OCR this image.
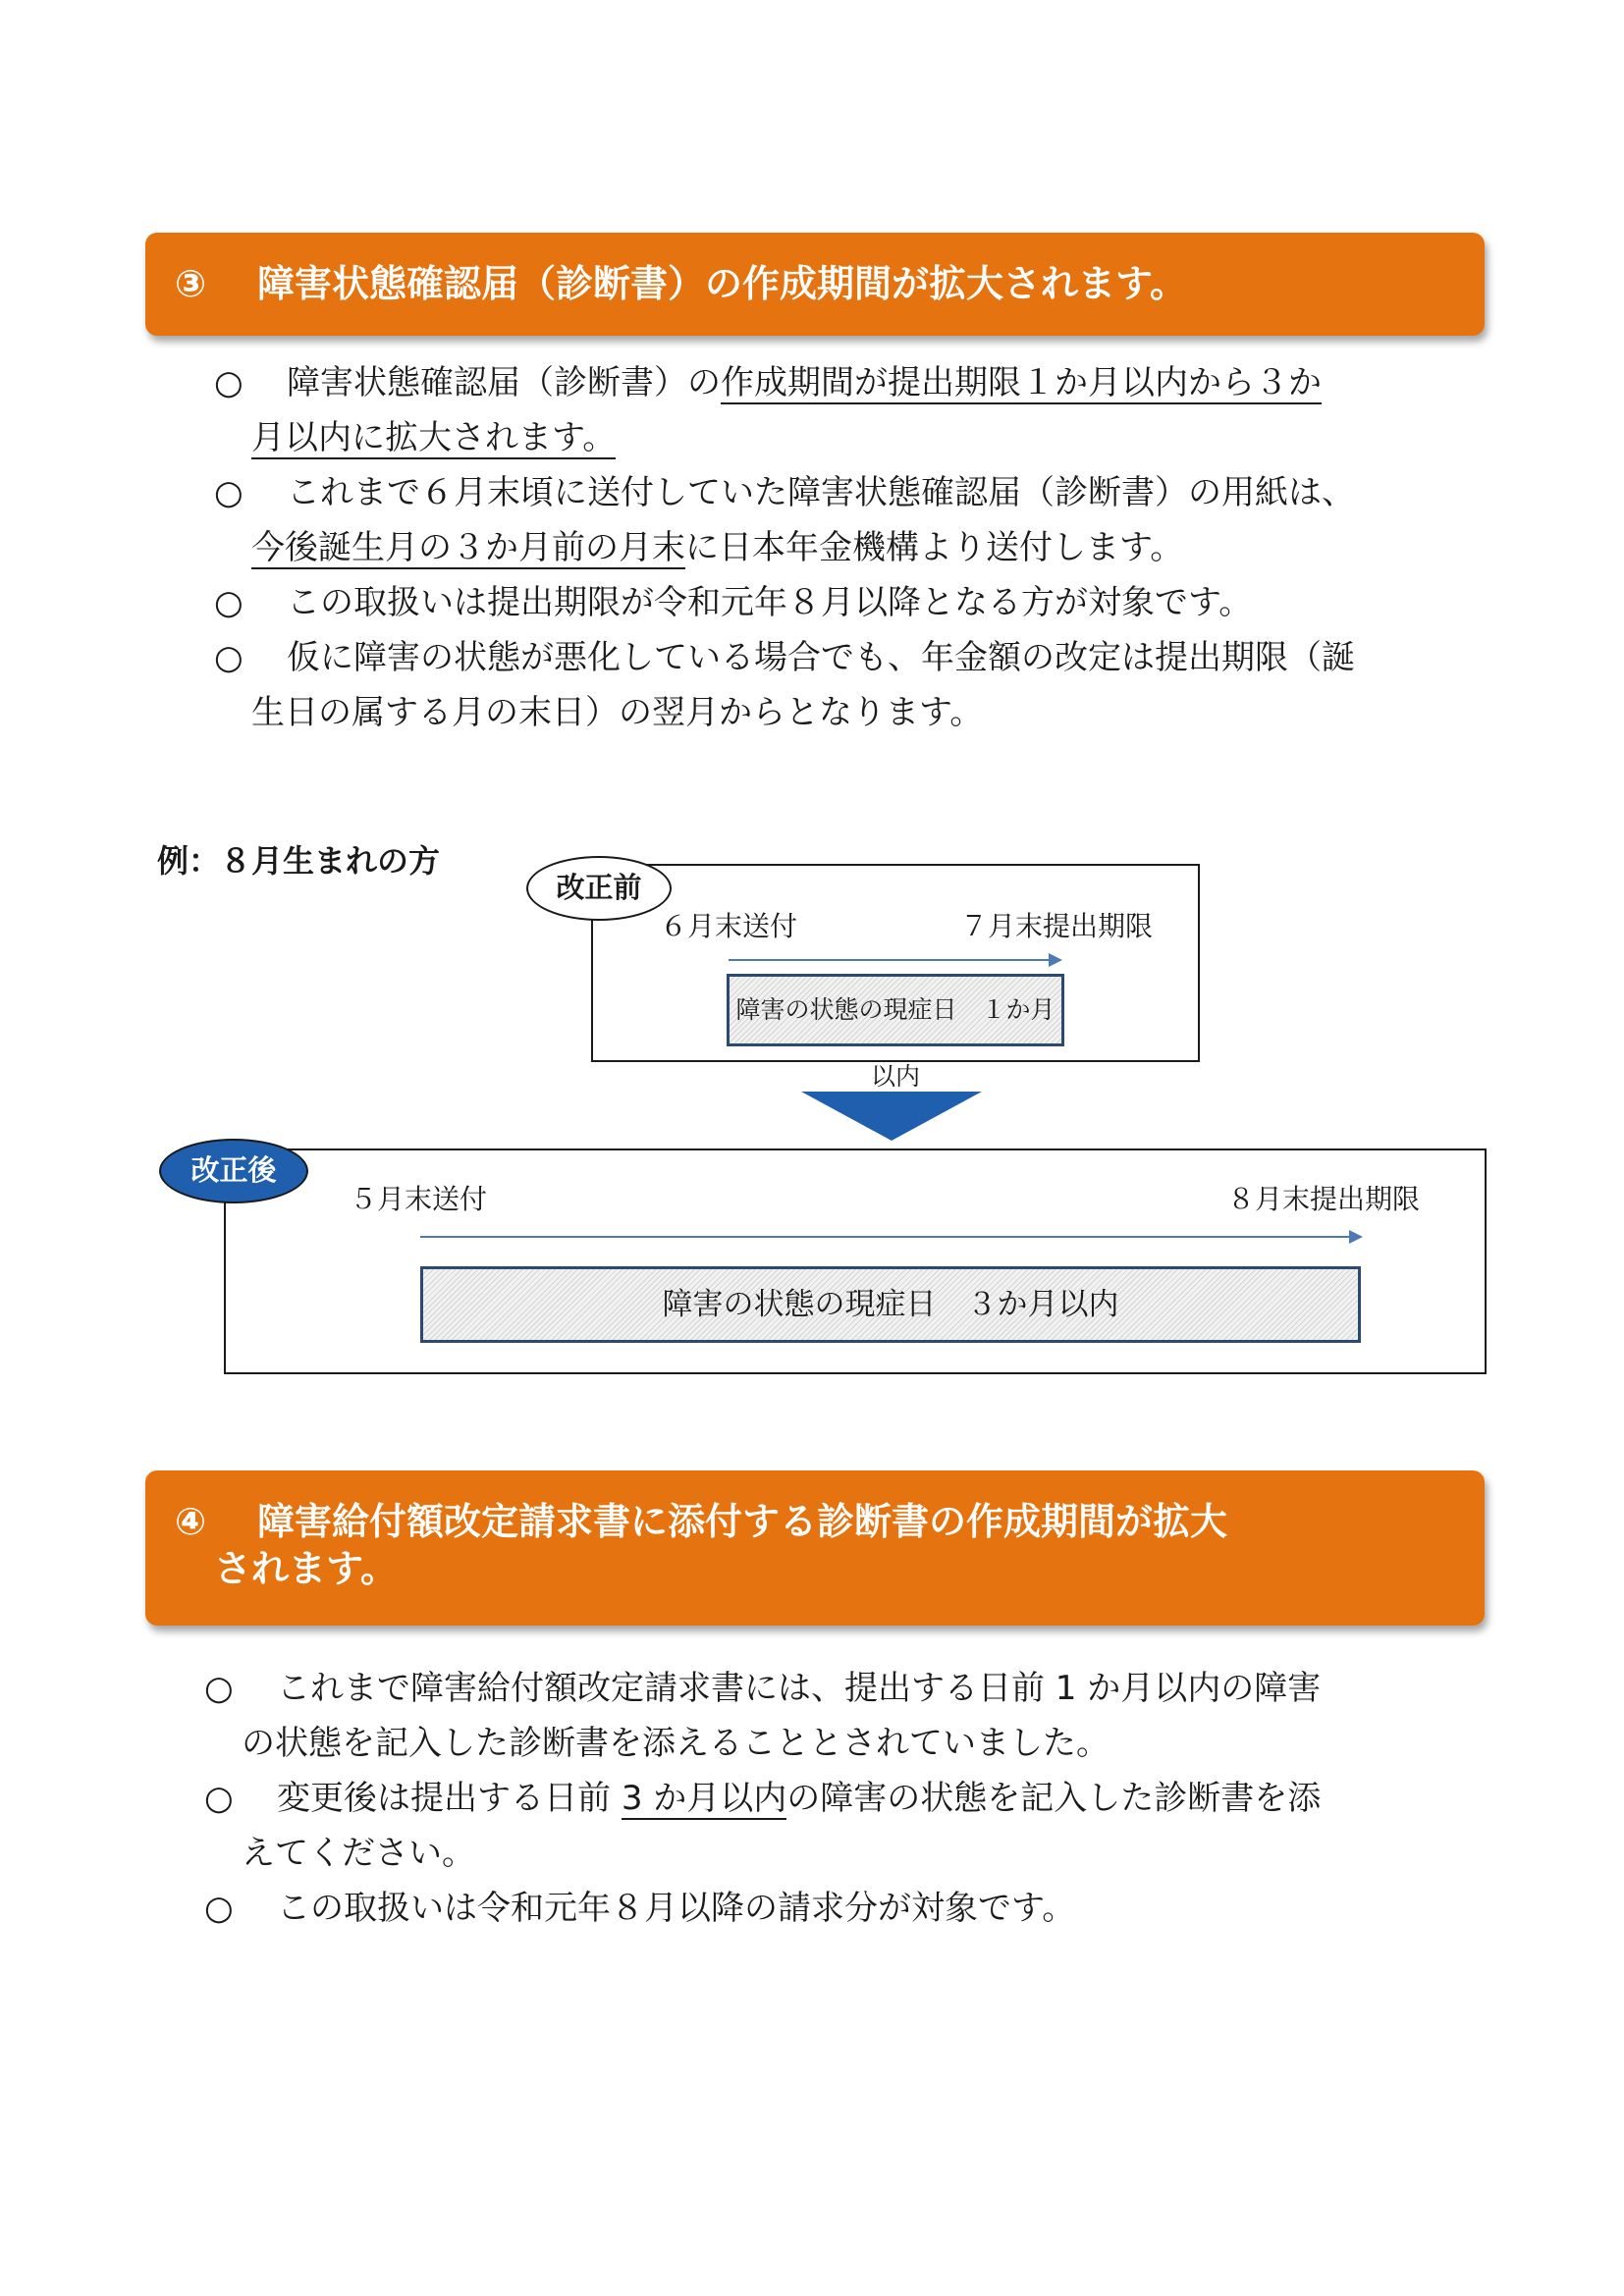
③ 障害状態確認届（診断書）の作成期間が拡大されます。
○ 障害状態確認届（診断書）の作成期間が提出期限１か月以内から３か
月以内に拡大されます。
○ これまで６月末頃に送付していた障害状態確認届（診断書）の用紙は、
今後誕生月の３か月前の月末に日本年金機構より送付します。
○ この取扱いは提出期限が令和元年８月以降となる方が対象です。
○ 仮に障害の状態が悪化している場合でも、年金額の改定は提出期限（誕
生日の属する月の末日）の翌月からとなります。
例：８月生まれの方
改正前
６月末送付	７月末提出期限
障害の状態の現症日　１か月以内
改正後
５月末送付	８月末提出期限
障害の状態の現症日　３か月以内
④ 障害給付額改定請求書に添付する診断書の作成期間が拡大
されます。
○ これまで障害給付額改定請求書には、提出する日前 1 か月以内の障害
の状態を記入した診断書を添えることとされていました。
○ 変更後は提出する日前 3 か月以内の障害の状態を記入した診断書を添
えてください。
○ この取扱いは令和元年８月以降の請求分が対象です。
